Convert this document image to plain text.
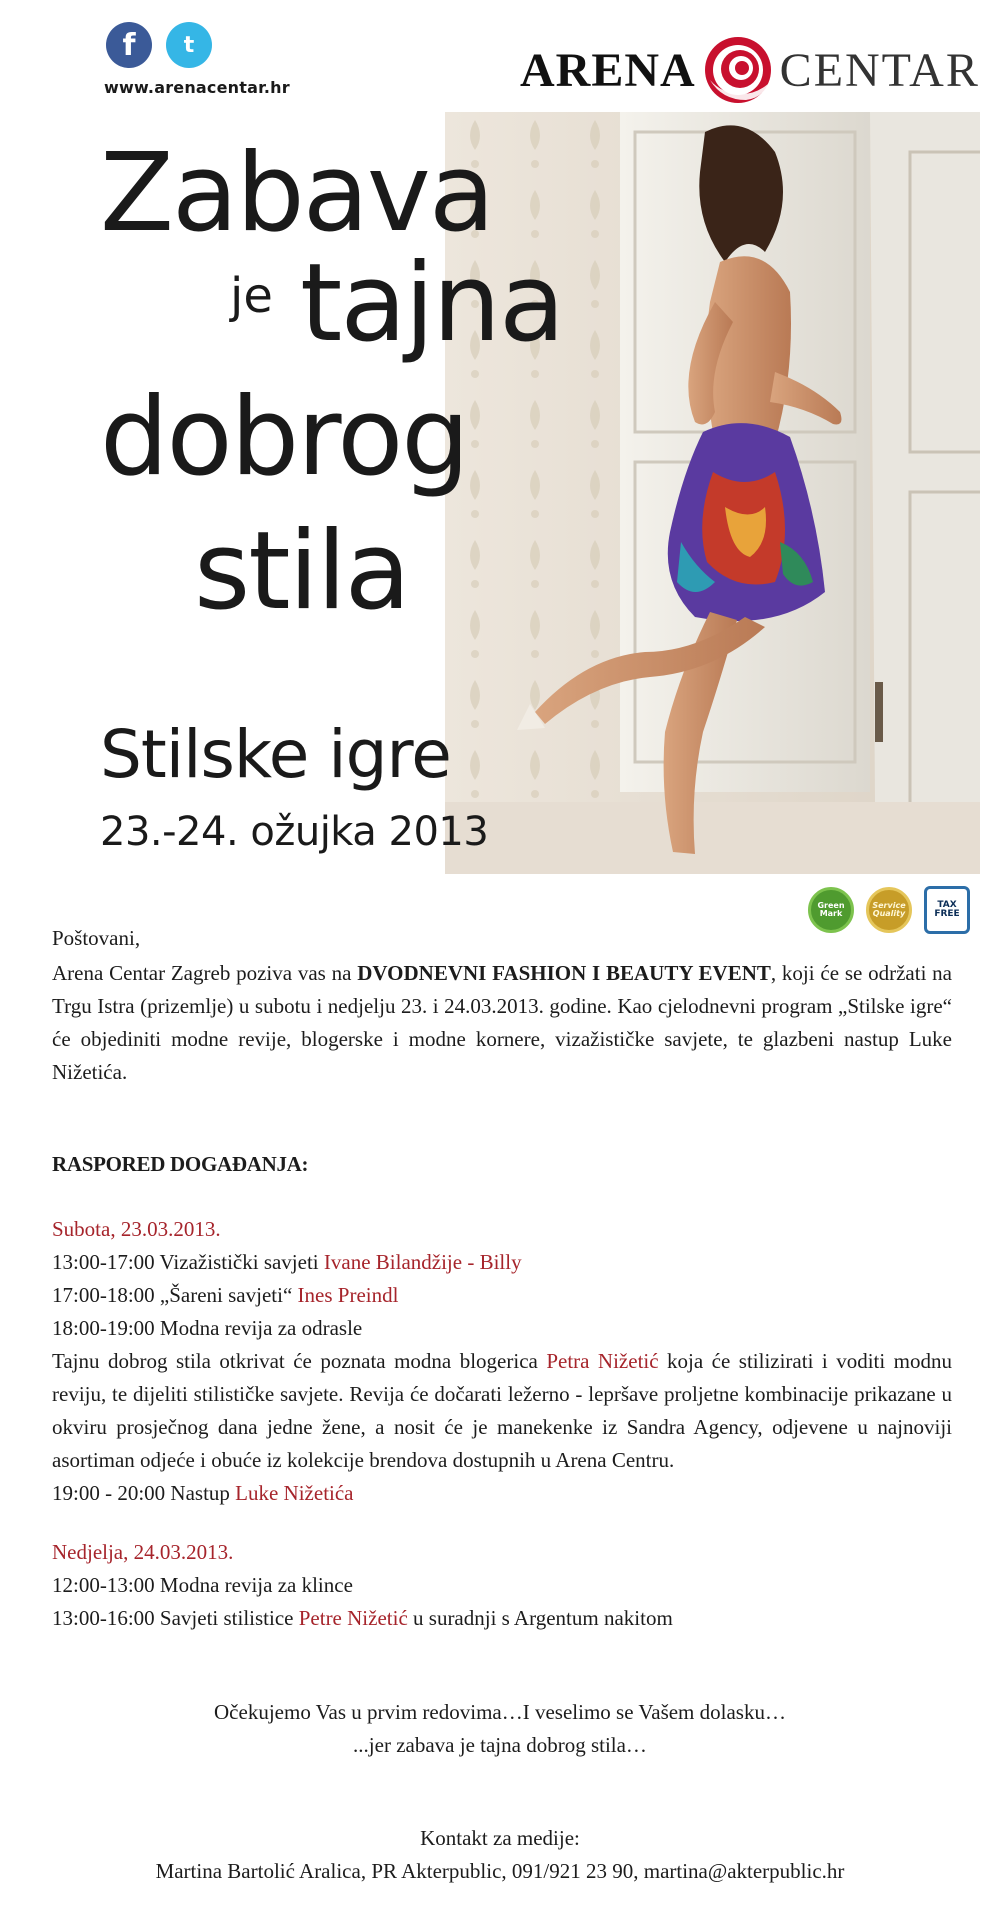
f	t
www.arenacentar.hr	ARENA CENTAR
Zabava
je tajna
dobrog
stila
Stilske igre
23.-24. ožujka 2013
Green Mark
Service Quality
TAX FREE
Poštovani,
Arena Centar Zagreb poziva vas na DVODNEVNI FASHION I BEAUTY EVENT, koji će se održati na Trgu Istra (prizemlje) u subotu i nedjelju 23. i 24.03.2013. godine. Kao cjelodnevni program „Stilske igre“ će objediniti modne revije, blogerske i modne kornere, vizažističke savjete, te glazbeni nastup Luke Nižetića.
RASPORED DOGAĐANJA:
Subota, 23.03.2013.
13:00-17:00 Vizažistički savjeti Ivane Bilandžije - Billy
17:00-18:00 „Šareni savjeti“ Ines Preindl
18:00-19:00 Modna revija za odrasle
Tajnu dobrog stila otkrivat će poznata modna blogerica Petra Nižetić koja će stilizirati i voditi modnu reviju, te dijeliti stilističke savjete. Revija će dočarati ležerno - lepršave proljetne kombinacije prikazane u okviru prosječnog dana jedne žene, a nosit će je manekenke iz Sandra Agency, odjevene u najnoviji asortiman odjeće i obuće iz kolekcije brendova dostupnih u Arena Centru.
19:00 - 20:00 Nastup Luke Nižetića
Nedjelja, 24.03.2013.
12:00-13:00 Modna revija za klince
13:00-16:00 Savjeti stilistice Petre Nižetić u suradnji s Argentum nakitom
Očekujemo Vas u prvim redovima…I veselimo se Vašem dolasku…
...jer zabava je tajna dobrog stila…
Kontakt za medije:
Martina Bartolić Aralica, PR Akterpublic, 091/921 23 90, martina@akterpublic.hr
